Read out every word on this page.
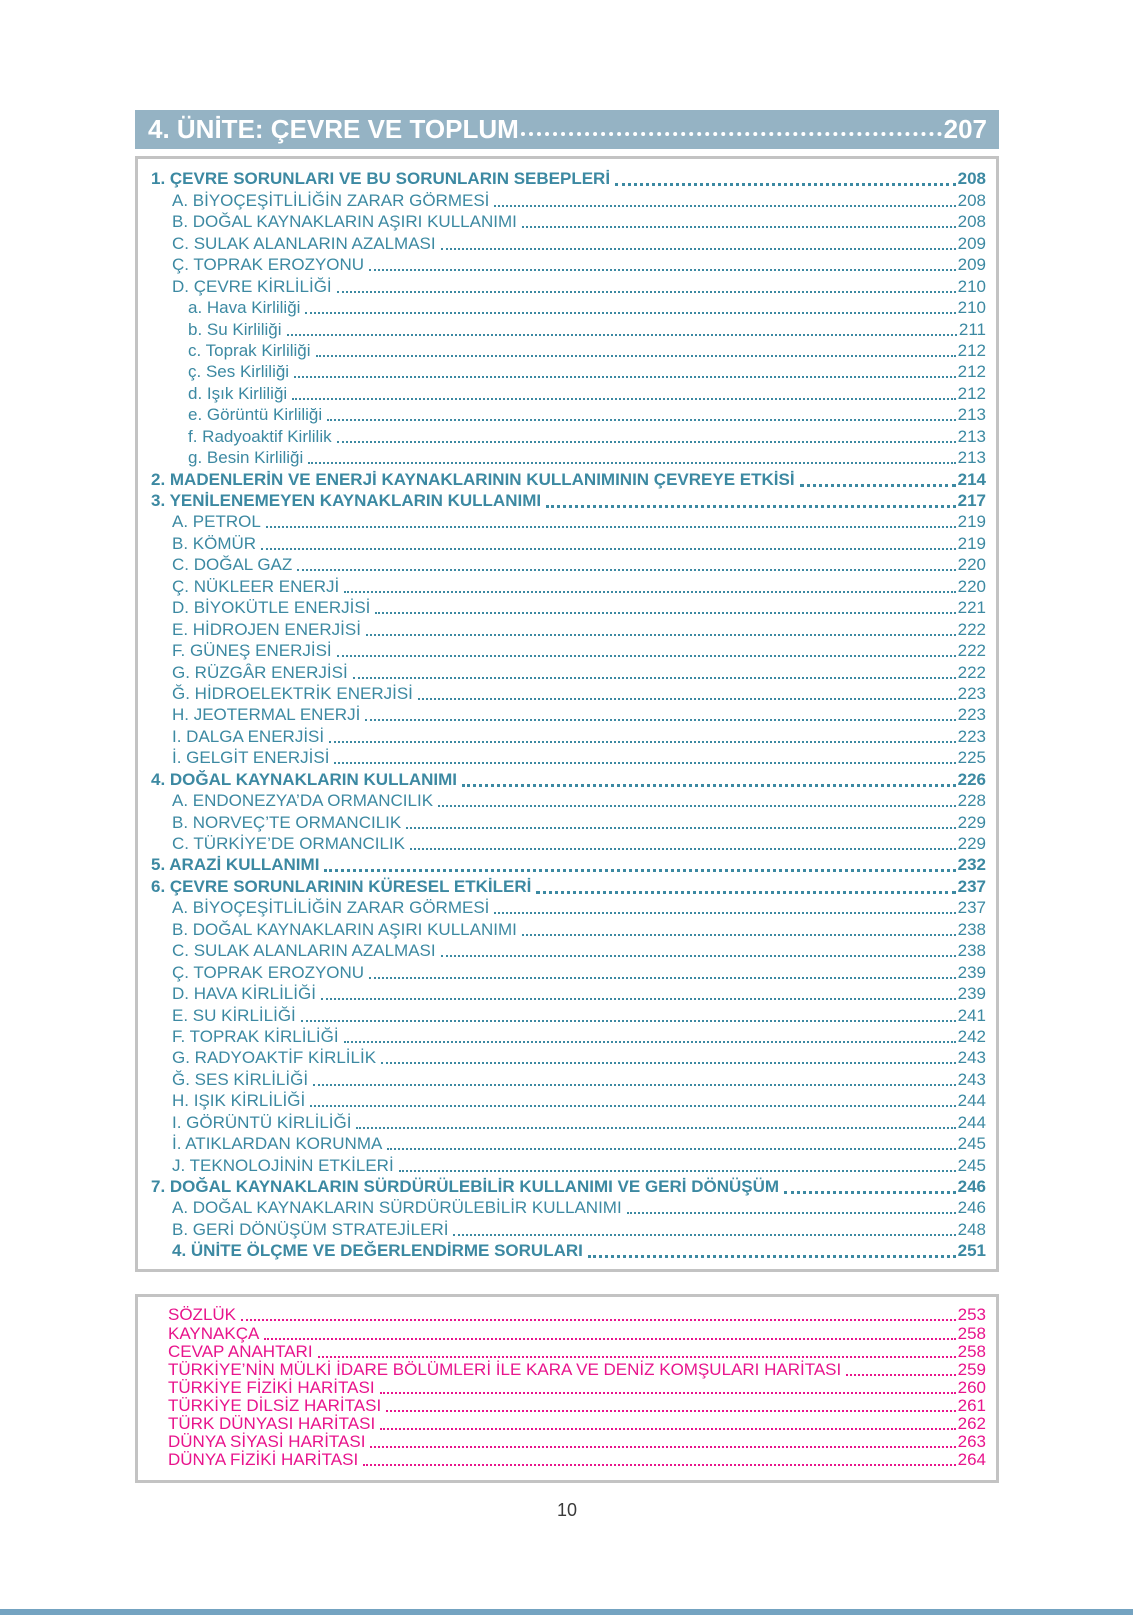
4. ÜNİTE: ÇEVRE VE TOPLUM	207
1. ÇEVRE SORUNLARI VE BU SORUNLARIN SEBEPLERİ	208
A. BİYOÇEŞİTLİLİĞİN ZARAR GÖRMESİ	208
B. DOĞAL KAYNAKLARIN AŞIRI KULLANIMI	208
C. SULAK ALANLARIN AZALMASI	209
Ç. TOPRAK EROZYONU	209
D. ÇEVRE KİRLİLİĞİ	210
a. Hava Kirliliği	210
b. Su Kirliliği	211
c. Toprak Kirliliği	212
ç. Ses Kirliliği	212
d. Işık Kirliliği	212
e. Görüntü Kirliliği	213
f. Radyoaktif Kirlilik	213
g. Besin Kirliliği	213
2. MADENLERİN VE ENERJİ KAYNAKLARININ KULLANIMININ ÇEVREYE ETKİSİ	214
3. YENİLENEMEYEN KAYNAKLARIN KULLANIMI	217
A. PETROL	219
B. KÖMÜR	219
C. DOĞAL GAZ	220
Ç. NÜKLEER ENERJİ	220
D. BİYOKÜTLE ENERJİSİ	221
E. HİDROJEN ENERJİSİ	222
F. GÜNEŞ ENERJİSİ	222
G. RÜZGÂR ENERJİSİ	222
Ğ. HİDROELEKTRİK ENERJİSİ	223
H. JEOTERMAL ENERJİ	223
I. DALGA ENERJİSİ	223
İ. GELGİT ENERJİSİ	225
4. DOĞAL KAYNAKLARIN KULLANIMI	226
A. ENDONEZYA’DA ORMANCILIK	228
B. NORVEÇ’TE ORMANCILIK	229
C. TÜRKİYE’DE ORMANCILIK	229
5. ARAZİ KULLANIMI	232
6. ÇEVRE SORUNLARININ KÜRESEL ETKİLERİ	237
A. BİYOÇEŞİTLİLİĞİN ZARAR GÖRMESİ	237
B. DOĞAL KAYNAKLARIN AŞIRI KULLANIMI	238
C. SULAK ALANLARIN AZALMASI	238
Ç. TOPRAK EROZYONU	239
D. HAVA KİRLİLİĞİ	239
E. SU KİRLİLİĞİ	241
F. TOPRAK KİRLİLİĞİ	242
G. RADYOAKTİF KİRLİLİK	243
Ğ. SES KİRLİLİĞİ	243
H. IŞIK KİRLİLİĞİ	244
I. GÖRÜNTÜ KİRLİLİĞİ	244
İ. ATIKLARDAN KORUNMA	245
J. TEKNOLOJİNİN ETKİLERİ	245
7. DOĞAL KAYNAKLARIN SÜRDÜRÜLEBİLİR KULLANIMI VE GERİ DÖNÜŞÜM	246
A. DOĞAL KAYNAKLARIN SÜRDÜRÜLEBİLİR KULLANIMI	246
B. GERİ DÖNÜŞÜM STRATEJİLERİ	248
4. ÜNİTE ÖLÇME VE DEĞERLENDİRME SORULARI	251
SÖZLÜK	253
KAYNAKÇA	258
CEVAP ANAHTARI	258
TÜRKİYE’NİN MÜLKİ İDARE BÖLÜMLERİ İLE KARA VE DENİZ KOMŞULARI HARİTASI	259
TÜRKİYE FİZİKİ HARİTASI	260
TÜRKİYE DİLSİZ HARİTASI	261
TÜRK DÜNYASI HARİTASI	262
DÜNYA SİYASİ HARİTASI	263
DÜNYA FİZİKİ HARİTASI	264
10
